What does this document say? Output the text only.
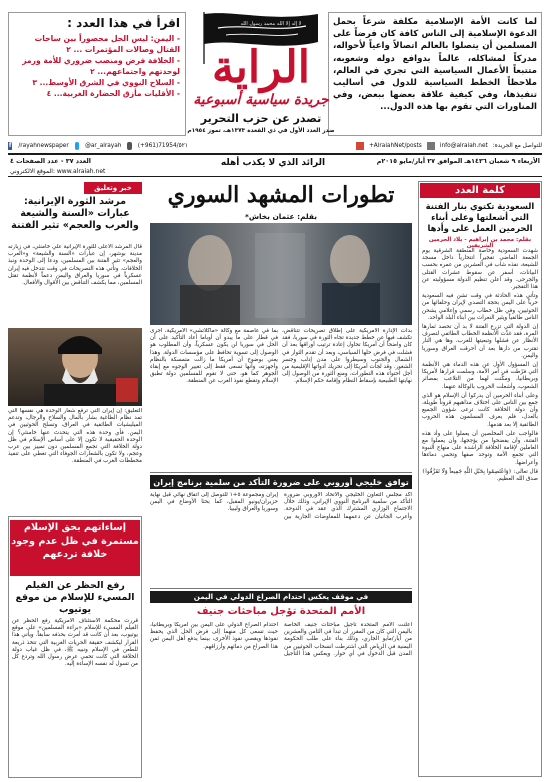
لما كانت الأمة الإسلامية مكلفة شرعاً بحمل الدعوة الإسلامية إلى الناس كافة كان فرضاً على المسلمين أن يتصلوا بالعالم اتصالاً واعياً لأحواله، مدركاً لمشاكله، عالماً بدوافع دوله وشعوبه، متتبعاً الأعمال السياسية التي تجري في العالم، ملاحظاً الخطط السياسية للدول في أساليب تنفيذها، وفي كيفية علاقة بعضها ببعض، وفي المناورات التي تقوم بها هذه الدول...
لا إله إلا الله محمد رسول الله
الراية
جريدة سياسية أسبوعية
تصدر عن حزب التحرير
صدر العدد الأول في ذي القعدة ١٣٧٣هـ، تموز ١٩٥٤م
اقرأ في هذا العدد :
- اليمن: ليس الحل محصوراً بين ساحات القتال وصالات المؤتمرات ... ٢
- الخلافة فرض ومنصب ضروري للأمة ورمز لوحدتهم واجتماعهم... ٢
- السلاح النووي في الشرق الأوسط... ٣
- الأقليات مأزق الحضارة الغربية... ٤
f /rayahnewspaper	@ar_alrayah	(+961)71954/٥٢١	+AlraiahNet/posts	info@alraiah.net للتواصل مع الجريدة:
الأربعاء ٩ شعبان ١٤٣٦هـ الموافق ٢٧ أيار/مايو ٢٠١٥م
الرائد الذي لا يكذب أهله
العدد ٣٧ - عدد الصفحات ٤
www.alraiah.net :الموقع الالكتروني
كلمة العدد
السعودية تكتوي بنار الفتنة التي أشعلتها وعلى أبناء الحرمين العمل على وأدها
بقلم: محمد بن إبراهيم - بلاد الحرمين الشريفين

شهدت السعودية وخاصة المنطقة الشرقية يوم الجمعة الماضي تفجيراً انتحارياً داخل مسجد للشيعة، نفذه شاب في العشرين من عمره بحسب البيانات، أسفر عن سقوط عشرات القتلى والجرحى. وقد أعلن تنظيم الدولة مسؤوليته عن هذا التفجير.

وتأتي هذه الحادثة في وقت تشن فيه السعودية حرباً على اليمن بحجة التصدي لإيران وحلفائها من الحوثيين، وفي ظل خطاب رسمي وإعلامي يشحن الناس طائفياً ويثير النعرات بين أبناء البلد الواحد.

إن الدولة التي تزرع الفتنة لا بد أن تحصد ثمارها المرة، فقد غذّت الأنظمة الخطاب الطائفي لتصرف الأنظار عن فشلها وتبعيتها للغرب، وها هي النار تقترب من دارها بعد أن أحرقت العراق وسوريا واليمن.

إن المسؤول الأول عن هذه الدماء هي الأنظمة التي فرّطت في أمر الأمة، وسلمت قرارها لأمريكا وبريطانيا، ومكّنت لهما من التلاعب بمصائر الشعوب، وأشعلت الحروب بالوكالة عنهما.

وعلى أبناء الحرمين أن يدركوا أن الإسلام هو الذي جمع بين الناس على اختلاف مذاهبهم قروناً طويلة، وأن دولة الخلافة كانت ترعى شؤون الجميع بالعدل، فلم يعرف المسلمون هذه الحروب الطائفية إلا بعد هدمها.

فالواجب على المخلصين أن يعملوا على وأد هذه الفتنة، وأن يفضحوا من يؤججها، وأن يعملوا مع العاملين لإقامة الخلافة الراشدة على منهاج النبوة التي تجمع الأمة وتوحد صفها وتحمي دماءها وأعراضها.

قال تعالى: ﴿وَاعْتَصِمُوا بِحَبْلِ اللَّهِ جَمِيعاً وَلَا تَفَرَّقُوا﴾ صدق الله العظيم.

تطورات المشهد السوري
بقلم: عثمان بخاش*
خبر وتعليق
مرشد الثورة الإيرانية: عبارات «السنة والشيعة والعرب والعجم» تثير الفتنة
قال المرشد الأعلى للثورة الإيرانية علي خامنئي، في زيارته مدينة بوشهر، إن عبارات «السنة والشيعة» و«العرب والعجم» تثير الفتنة بين المسلمين، ودعا إلى الوحدة ونبذ الخلافات. وتأتي هذه التصريحات في وقت تتدخل فيه إيران عسكرياً في سوريا والعراق واليمن دعماً لأنظمة تقتل المسلمين، مما يكشف التناقض بين الأقوال والأفعال.
التعليق: إن إيران التي ترفع شعار الوحدة هي نفسها التي تمد نظام الطاغية بشار بالمال والسلاح والرجال، وتدعم الميليشيات الطائفية في العراق، وتسلح الحوثيين في اليمن. فأي وحدة هذه التي يتحدث عنها خامنئي؟ إن الوحدة الحقيقية لا تكون إلا على أساس الإسلام في ظل دولة الخلافة التي تجمع المسلمين دون تمييز بين عرب وعجم، ولا تكون بالشعارات الجوفاء التي تغطي على تنفيذ مخططات الغرب في المنطقة.
بدأت الإدارة الأمريكية على إطلاق تصريحات تتناقض، تكشف فيها عن خطط جديدة تجاه الثورة في سوريا، فقد كان واضحاً أن أمريكا تحاول إعادة ترتيب أوراقها بعد أن فشلت في فرض حلها السياسي، وبعد أن تقدم الثوار في الشمال والجنوب وسيطروا على مدن إدلب وجسر الشغور. وقد لجأت أمريكا إلى تحريك أدواتها الإقليمية من أجل احتواء هذه التطورات، ومنع الثورة من الوصول إلى نهايتها الطبيعية بإسقاط النظام وإقامة حكم الإسلام.
بما في عاصمة مع وكالة «ماكلاتشي» الأمريكية، أجرى في قطار على ما يبدو أن أوباما أعاد التأكيد على أن الحل في سوريا لن يكون عسكرياً، وأن المطلوب هو الوصول إلى تسوية تحافظ على مؤسسات الدولة. وهذا يعني بوضوح أن أمريكا ما زالت متمسكة بالنظام وأجهزته، وأنها تسعى فقط إلى تغيير الوجوه مع إبقاء الجوهر كما هو، حتى لا تقوم للمسلمين دولة تطبق الإسلام وتقطع نفوذ الغرب عن المنطقة.
توافق خليجي أوروبي على ضرورة التأكد من سلمية برنامج إيران النووي
أكد مجلس التعاون الخليجي والاتحاد الأوروبي ضرورة التأكد من سلمية البرنامج النووي الإيراني، وذلك خلال الاجتماع الوزاري المشترك الذي عقد في الدوحة. وأعرب الجانبان عن دعمهما للمفاوضات الجارية بين إيران ومجموعة ٥+١ للتوصل إلى اتفاق نهائي قبل نهاية حزيران/يونيو المقبل، كما بحثا الأوضاع في اليمن وسوريا والعراق وليبيا.
إساءاتهم بحق الإسلام مستمرة في ظل عدم وجود خلافة تردعهم
رفع الحظر عن الفيلم المسيء للإسلام من موقع يوتيوب
قررت محكمة الاستئناف الأمريكية رفع الحظر عن الفيلم المسيء للإسلام «براءة المسلمين» على موقع يوتيوب، بعد أن كانت قد أمرت بحذفه سابقاً. ويأتي هذا القرار ليكشف حقيقة الحريات الغربية التي تتخذ ذريعة للطعن في الإسلام ونبيه ﷺ، في ظل غياب دولة الخلافة التي كانت تحمي عرض رسول الله وتردع كل من تسول له نفسه الإساءة إليه.
في موقف يعكس احتدام الصراع الدولي في اليمن
الأمم المتحدة تؤجل مباحثات جنيف
أعلنت الأمم المتحدة تأجيل مباحثات جنيف الخاصة باليمن التي كان من المقرر أن تبدأ في الثامن والعشرين من أيار/مايو الجاري، وذلك بناء على طلب الحكومة اليمنية في الرياض التي اشترطت انسحاب الحوثيين من المدن قبل الدخول في أي حوار. ويعكس هذا التأجيل احتدام الصراع الدولي على اليمن بين أمريكا وبريطانيا، حيث تسعى كل منهما إلى فرض الحل الذي يحفظ نفوذها ويقصي نفوذ الأخرى، بينما يدفع أهل اليمن ثمن هذا الصراع من دمائهم وأرزاقهم.
